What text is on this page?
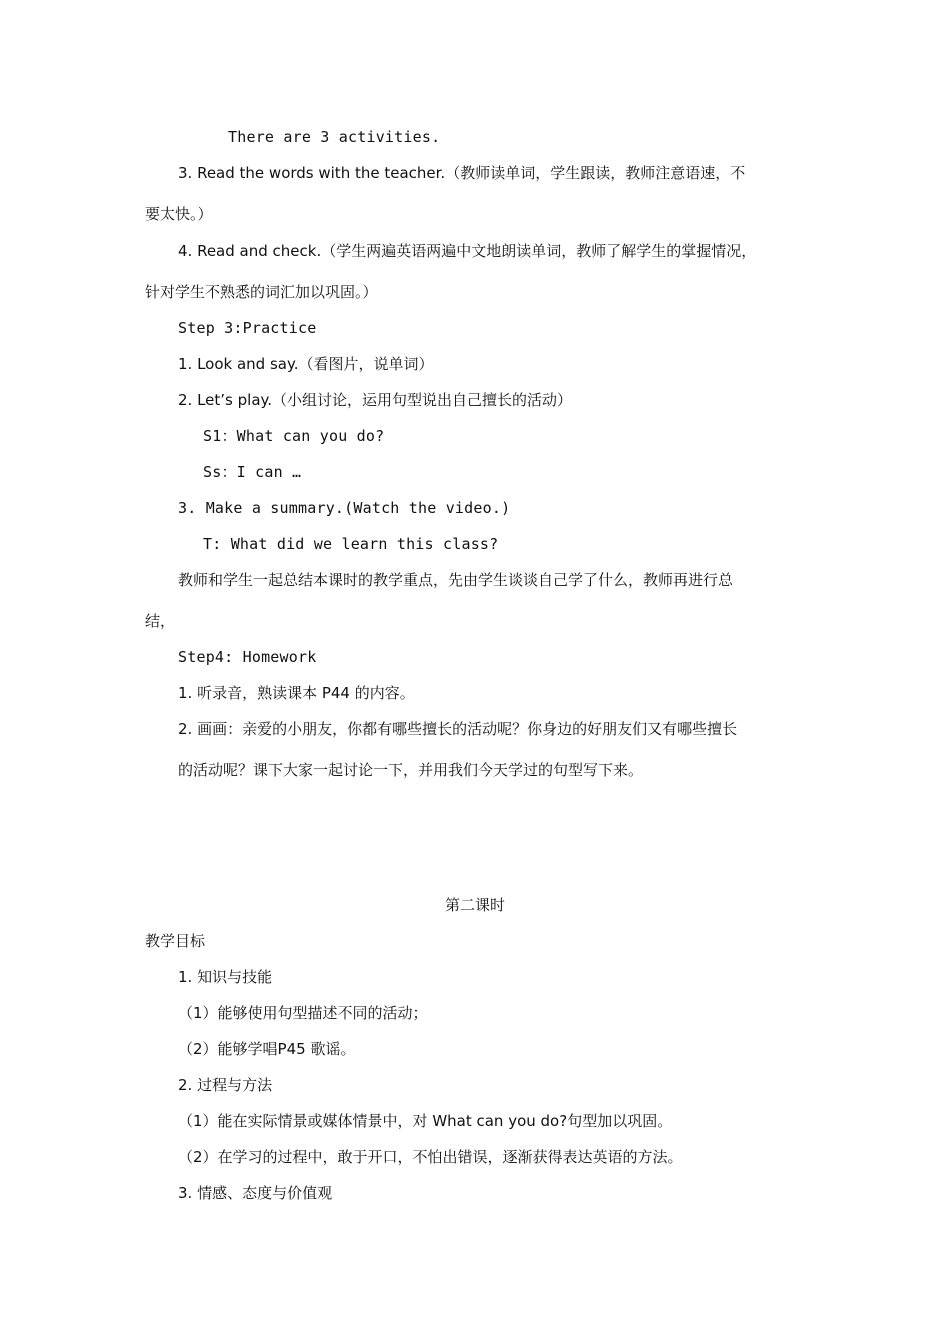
There are 3 activities.
3. Read the words with the teacher.（教师读单词，学生跟读，教师注意语速，不
要太快。）
4. Read and check.（学生两遍英语两遍中文地朗读单词，教师了解学生的掌握情况，
针对学生不熟悉的词汇加以巩固。）
Step 3:Practice
1. Look and say.（看图片，说单词）
2. Let’s play.（小组讨论，运用句型说出自己擅长的活动）
S1：What can you do?
Ss：I can …
3. Make a summary.(Watch the video.)
T: What did we learn this class?
教师和学生一起总结本课时的教学重点，先由学生谈谈自己学了什么，教师再进行总
结，
Step4: Homework
1. 听录音，熟读课本 P44 的内容。
2. 画画：亲爱的小朋友，你都有哪些擅长的活动呢？你身边的好朋友们又有哪些擅长
的活动呢？课下大家一起讨论一下，并用我们今天学过的句型写下来。
第二课时
教学目标
1. 知识与技能
（1）能够使用句型描述不同的活动；
（2）能够学唱P45 歌谣。
2. 过程与方法
（1）能在实际情景或媒体情景中，对 What can you do?句型加以巩固。
（2）在学习的过程中，敢于开口，不怕出错误，逐渐获得表达英语的方法。
3. 情感、态度与价值观
